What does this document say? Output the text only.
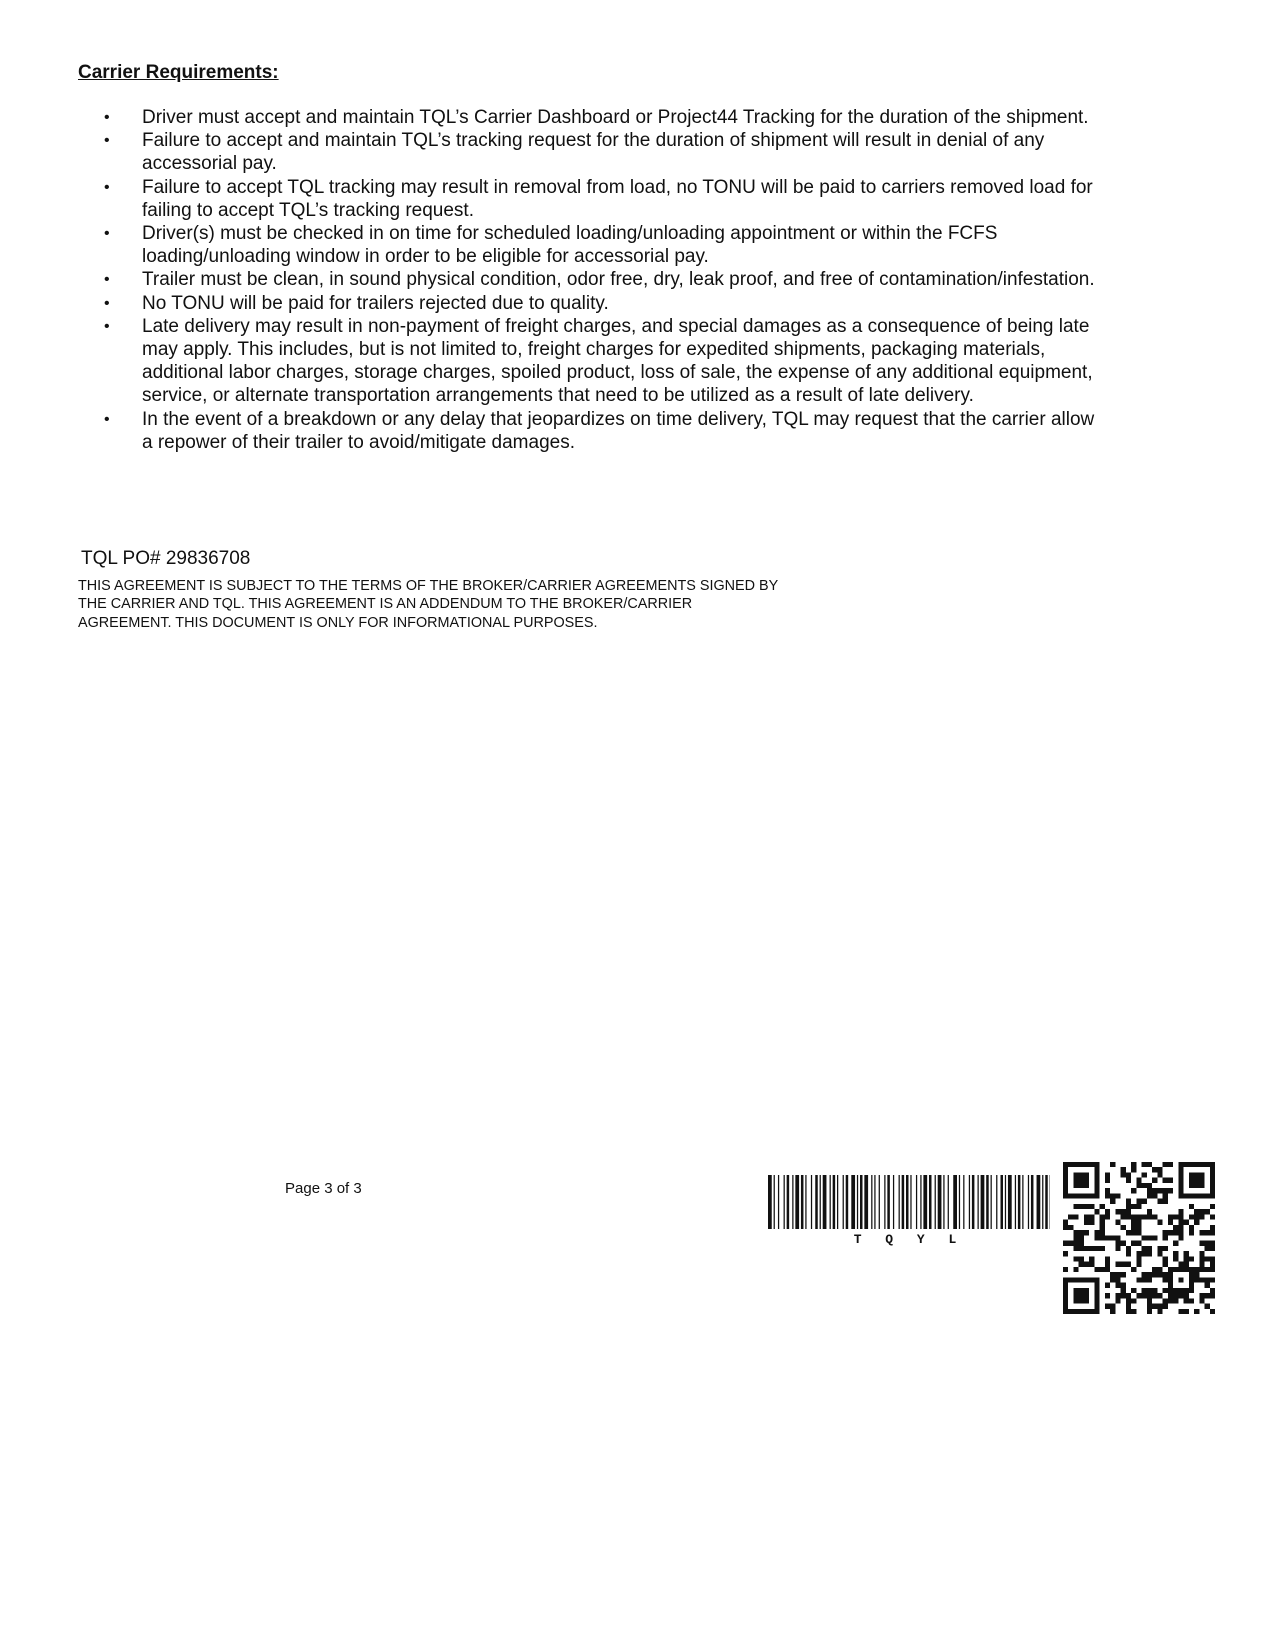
Carrier Requirements:
• Driver must accept and maintain TQL’s Carrier Dashboard or Project44 Tracking for the duration of the shipment.
• Failure to accept and maintain TQL’s tracking request for the duration of shipment will result in denial of any accessorial pay.
• Failure to accept TQL tracking may result in removal from load, no TONU will be paid to carriers removed load for failing to accept TQL’s tracking request.
• Driver(s) must be checked in on time for scheduled loading/unloading appointment or within the FCFS loading/unloading window in order to be eligible for accessorial pay.
• Trailer must be clean, in sound physical condition, odor free, dry, leak proof, and free of contamination/infestation.
• No TONU will be paid for trailers rejected due to quality.
• Late delivery may result in non-payment of freight charges, and special damages as a consequence of being late may apply. This includes, but is not limited to, freight charges for expedited shipments, packaging materials, additional labor charges, storage charges, spoiled product, loss of sale, the expense of any additional equipment, service, or alternate transportation arrangements that need to be utilized as a result of late delivery.
• In the event of a breakdown or any delay that jeopardizes on time delivery, TQL may request that the carrier allow a repower of their trailer to avoid/mitigate damages.

TQL PO# 29836708

THIS AGREEMENT IS SUBJECT TO THE TERMS OF THE BROKER/CARRIER AGREEMENTS SIGNED BY THE CARRIER AND TQL. THIS AGREEMENT IS AN ADDENDUM TO THE BROKER/CARRIER AGREEMENT. THIS DOCUMENT IS ONLY FOR INFORMATIONAL PURPOSES.

Page 3 of 3

T Q Y L
